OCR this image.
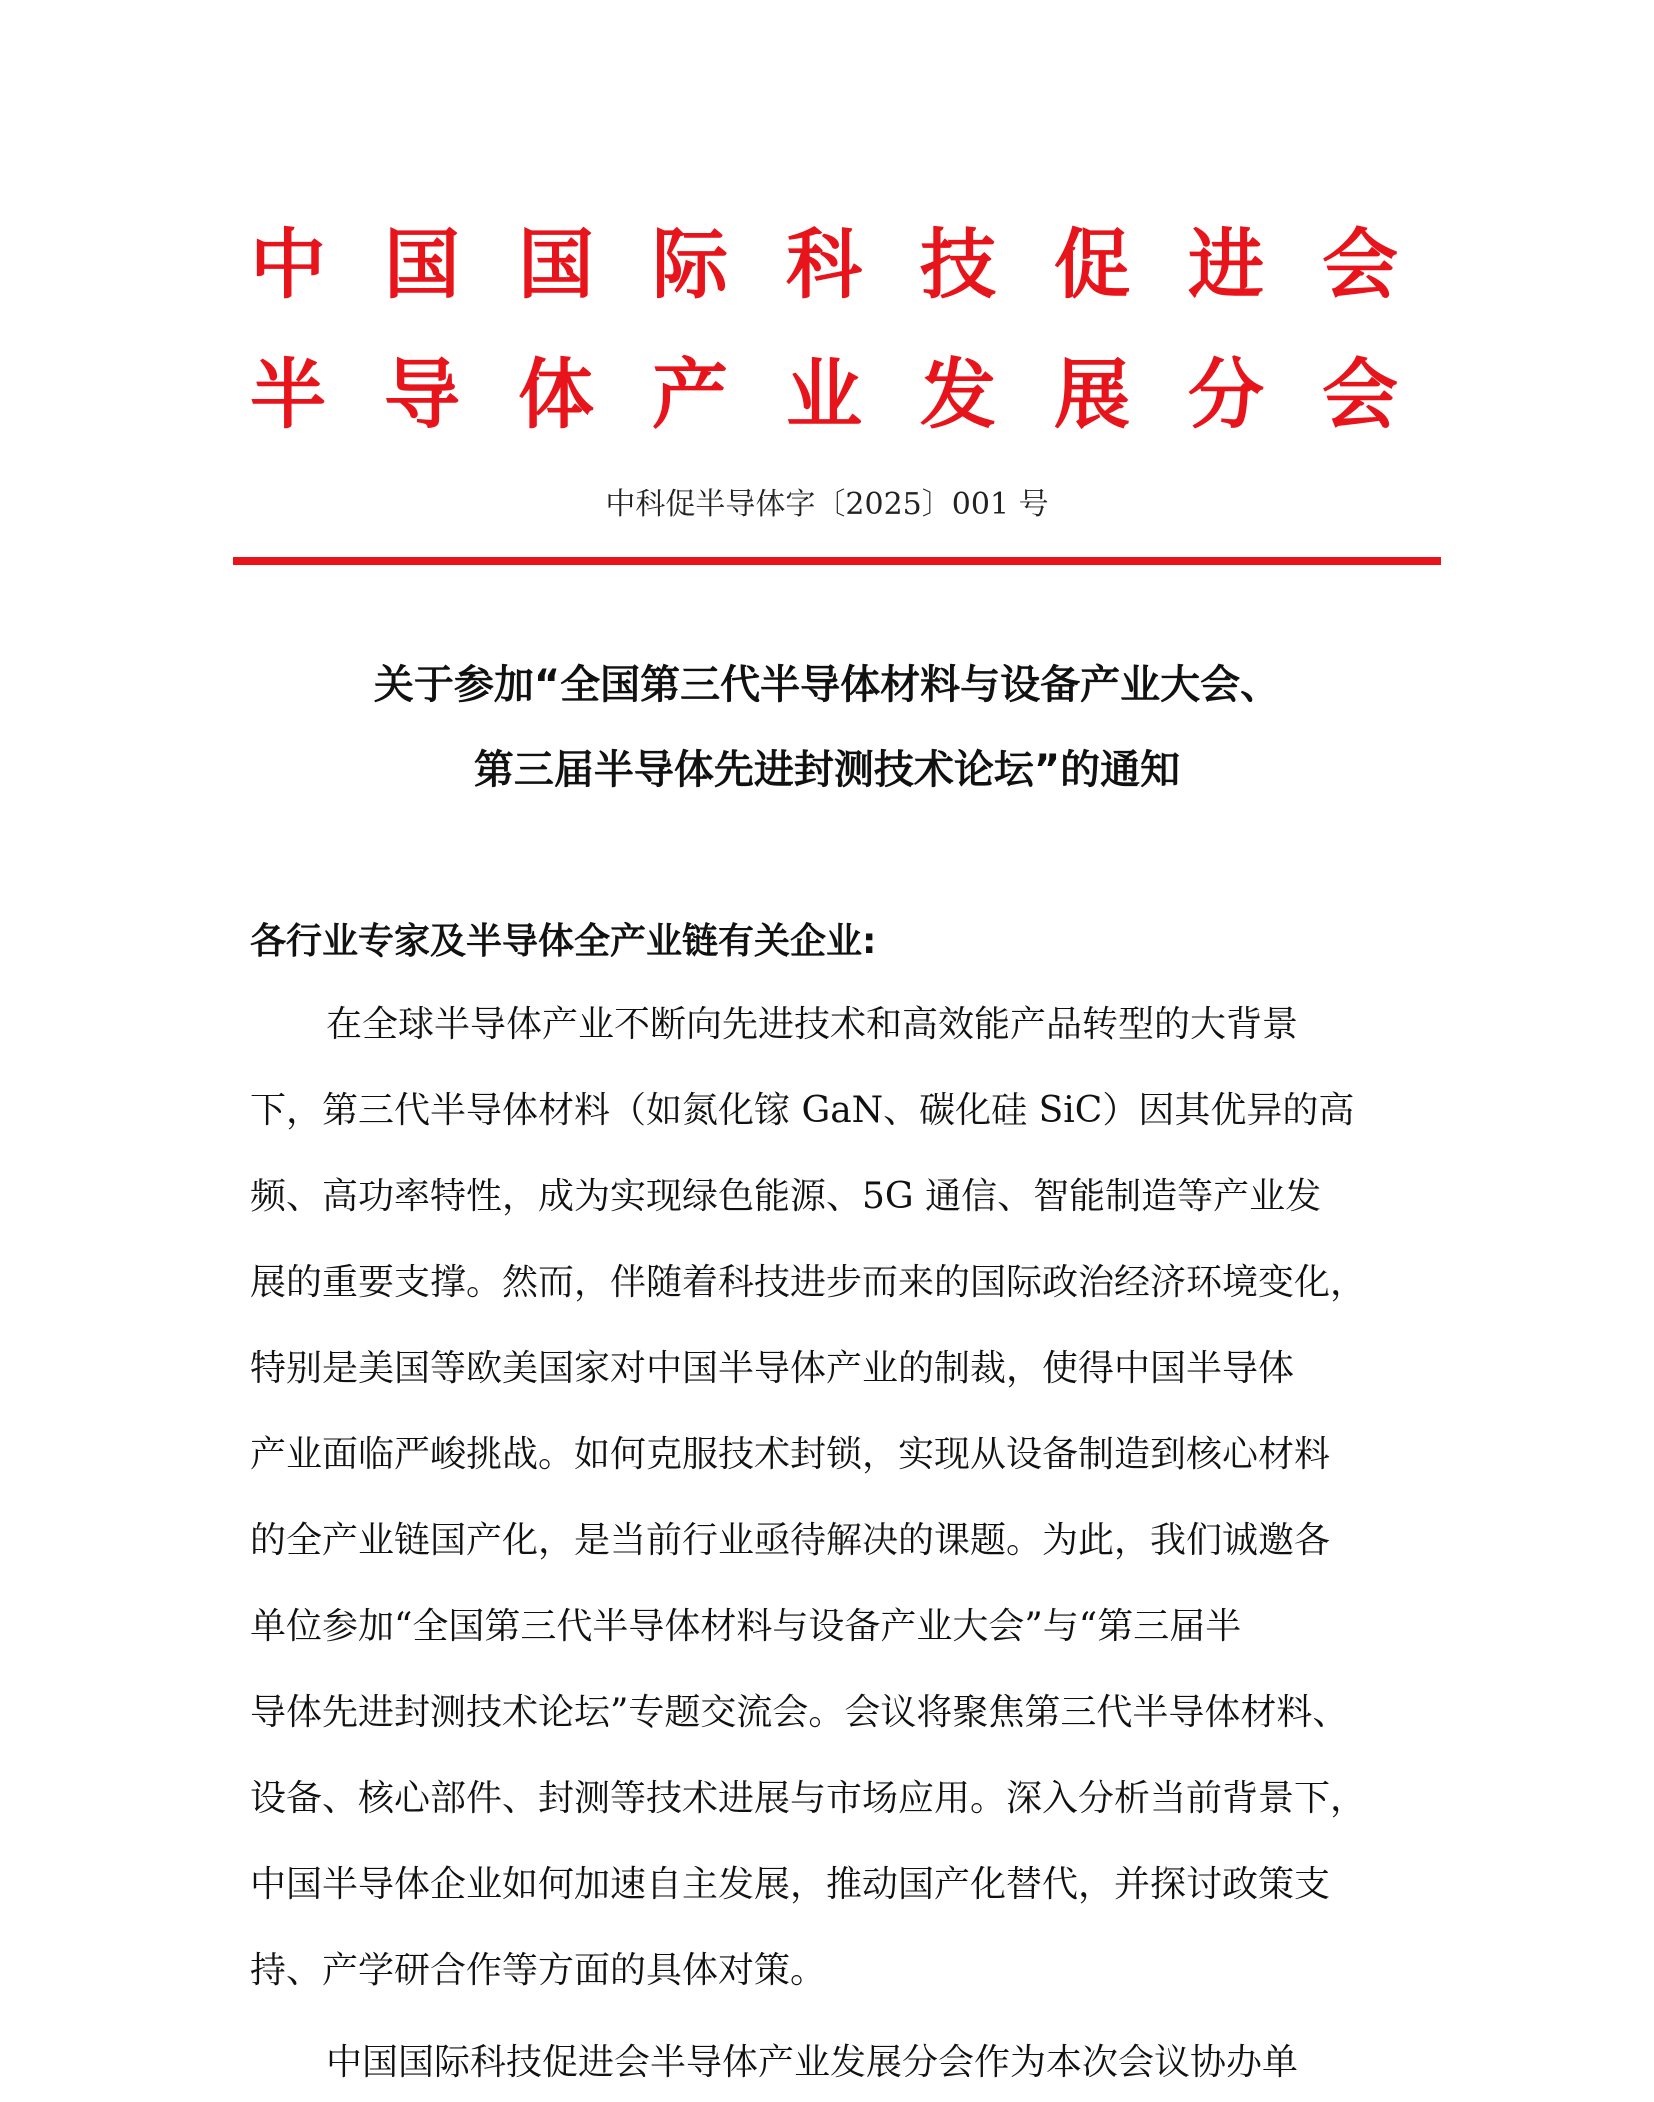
中 国 国 际 科 技 促 进 会
半 导 体 产 业 发 展 分 会
中科促半导体字〔2025〕001 号
关于参加“全国第三代半导体材料与设备产业大会、
第三届半导体先进封测技术论坛”的通知
各行业专家及半导体全产业链有关企业:
在全球半导体产业不断向先进技术和高效能产品转型的大背景
下，第三代半导体材料（如氮化镓 GaN、碳化硅 SiC）因其优异的高
频、高功率特性，成为实现绿色能源、5G 通信、智能制造等产业发
展的重要支撑。然而，伴随着科技进步而来的国际政治经济环境变化，
特别是美国等欧美国家对中国半导体产业的制裁，使得中国半导体
产业面临严峻挑战。如何克服技术封锁，实现从设备制造到核心材料
的全产业链国产化，是当前行业亟待解决的课题。为此，我们诚邀各
单位参加“全国第三代半导体材料与设备产业大会”与“第三届半
导体先进封测技术论坛”专题交流会。会议将聚焦第三代半导体材料、
设备、核心部件、封测等技术进展与市场应用。深入分析当前背景下，
中国半导体企业如何加速自主发展，推动国产化替代，并探讨政策支
持、产学研合作等方面的具体对策。
中国国际科技促进会半导体产业发展分会作为本次会议协办单
